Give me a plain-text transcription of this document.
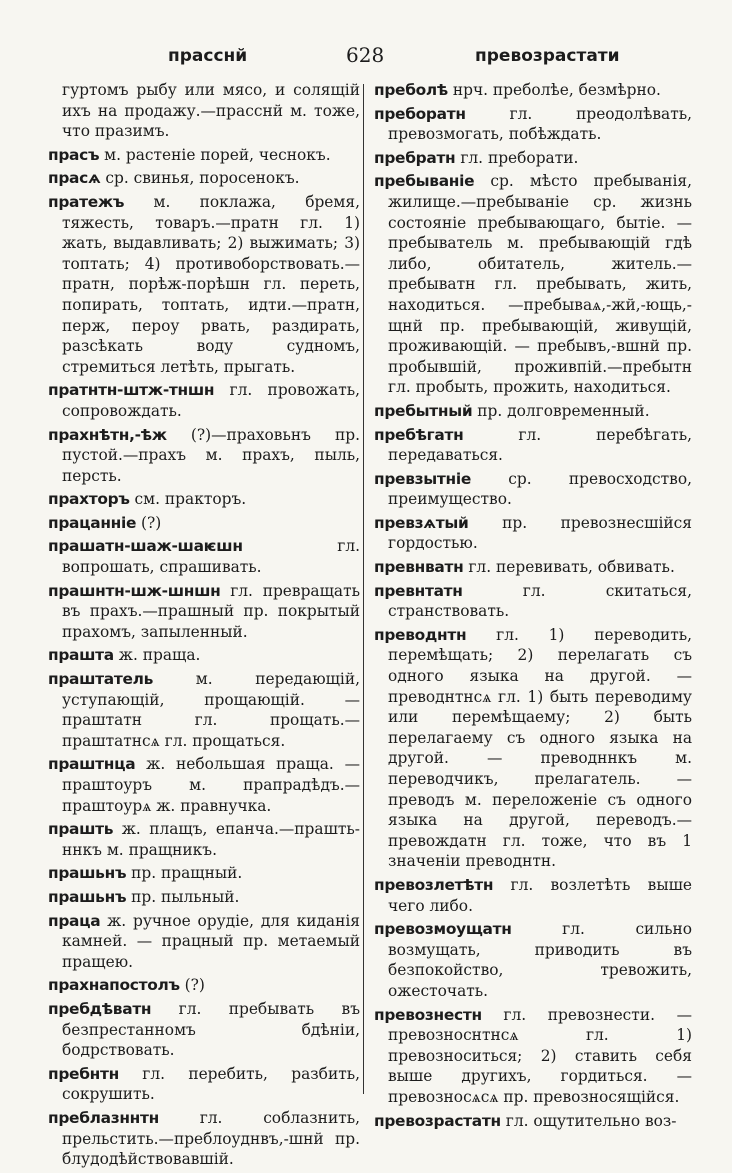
прасснй	628	превозрастати
гуртомъ рыбу или мясо, и солящій ихъ на продажу.—прасснй м. тоже, что празимъ.
прасъ м. растеніе порей, чеснокъ.
прасѧ ср. свинья, поросенокъ.
пратежъ м. поклажа, бремя, тяжесть, товаръ.—пратн гл. 1) жать, выдавливать; 2) выжимать; 3) топтать; 4) противоборствовать.—пратн, порѣж-порѣшн гл. переть, попирать, топтать, идти.—пратн, перж, пероу рвать, раздирать, разсѣкать воду судномъ, стремиться летѣть, прыгать.
пратнтн-штж-тншн гл. провожать, сопровождать.
прахнѣтн,-ѣж (?)—праховьнъ пр. пустой.—прахъ м. прахъ, пыль, персть.
прахторъ см. практоръ.
працанніе (?)
прашатн-шаж-шаѥшн	гл. вопрошать, спрашивать.
прашнтн-шж-шншн гл. превращать въ прахъ.—прашный пр. покрытый прахомъ, запыленный.
прашта ж. праща.
праштатель	м. передающій, уступающій, прощающій. — праштатн гл. прощать.—праштатнсѧ гл. прощаться.
праштнца ж. небольшая праща. — праштоуръ м. прапрадѣдъ.—праштоурѧ ж. правнучка.
прашть ж. плащъ, епанча.—прашть-ннкъ м. пращникъ.
прашьнъ пр. пращный.
прашьнъ пр. пыльный.
праца ж. ручное орудіе, для киданія камней. — працный пр. метаемый пращею.
прахнапостолъ (?)
пребдѣватн гл. пребывать въ безпрестанномъ бдѣніи, бодрствовать.
пребнтн гл. перебить, разбить, сокрушить.
преблазннтн	гл. соблазнить, прельстить.—преблоуднвъ,-шнй пр. блудодѣйствовавшій.
преболѣ нрч. преболѣе, безмѣрно.
преборатн	гл. преодолѣвать, превозмогать, побѣждать.
пребратн гл. преборати.
пребываніе ср. мѣсто пребыванія, жилище.—пребываніе ср. жизнь состояніе пребывающаго, бытіе. — пребыватель м. пребывающій гдѣ либо, обитатель, житель.—пребыватн гл. пребывать, жить, находиться. —пребываѧ,-жй,-ющь,-щнй пр. пребывающій, живущій, проживающій. — пребывъ,-вшнй пр. пробывшій, проживпій.—пребытн гл. пробыть, прожить, находиться.
пребытный пр. долговременный.
пребѣгатн	гл. перебѣгать, передаваться.
превзытніе ср. превосходство, преимущество.
превзѧтый пр. превознесшійся гордостью.
превнватн гл. перевивать, обвивать.
превнтатн	гл. скитаться, странствовать.
преводнтн гл. 1) переводить, перемѣщать; 2) перелагать съ одного языка на другой. — преводнтнсѧ гл. 1) быть переводиму или перемѣщаему; 2) быть перелагаему съ одного языка на другой. — преводннкъ м. переводчикъ, прелагатель. — преводъ м. переложеніе съ одного языка на другой, переводъ.—превождатн гл. тоже, что въ 1 значеніи преводнтн.
превозлетѣтн гл. возлетѣть выше чего либо.
превозмоущатн	гл. сильно возмущать, приводить въ безпокойство, тревожить, ожесточать.
превознестн гл. превознести. — превозноснтнсѧ гл. 1) превозноситься; 2) ставить себя выше другихъ, гордиться. — превозносѧсѧ пр. превозносящійся.
превозрастатн гл. ощутительно воз-
